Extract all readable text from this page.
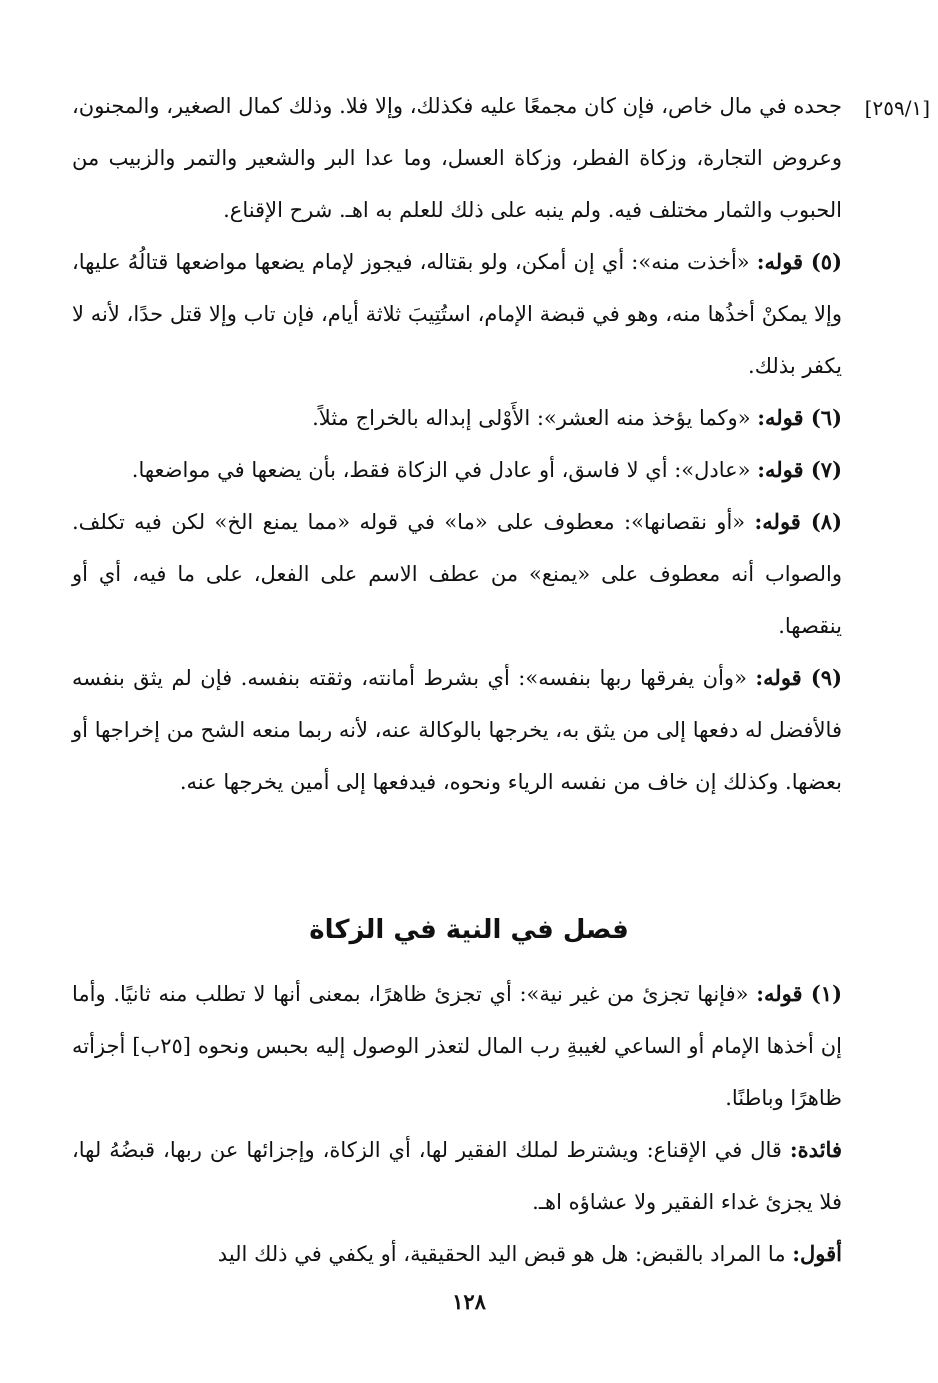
[٢٥٩/١]

جحده في مال خاص، فإن كان مجمعًا عليه فكذلك، وإلا فلا. وذلك كمال الصغير، والمجنون، وعروض التجارة، وزكاة الفطر، وزكاة العسل، وما عدا البر والشعير والتمر والزبيب من الحبوب والثمار مختلف فيه. ولم ينبه على ذلك للعلم به اهـ. شرح الإقناع.

(٥) قوله: «أخذت منه»: أي إن أمكن، ولو بقتاله، فيجوز لإمام يضعها مواضعها قتالُهُ عليها، وإلا يمكنْ أخذُها منه، وهو في قبضة الإمام، استُتِيبَ ثلاثة أيام، فإن تاب وإلا قتل حدًا، لأنه لا يكفر بذلك.

(٦) قوله: «وكما يؤخذ منه العشر»: الأَوْلى إبداله بالخراج مثلاً.

(٧) قوله: «عادل»: أي لا فاسق، أو عادل في الزكاة فقط، بأن يضعها في مواضعها.

(٨) قوله: «أو نقصانها»: معطوف على «ما» في قوله «مما يمنع الخ» لكن فيه تكلف. والصواب أنه معطوف على «يمنع» من عطف الاسم على الفعل، على ما فيه، أي أو ينقصها.

(٩) قوله: «وأن يفرقها ربها بنفسه»: أي بشرط أمانته، وثقته بنفسه. فإن لم يثق بنفسه فالأفضل له دفعها إلى من يثق به، يخرجها بالوكالة عنه، لأنه ربما منعه الشح من إخراجها أو بعضها. وكذلك إن خاف من نفسه الرياء ونحوه، فيدفعها إلى أمين يخرجها عنه.

فصل في النية في الزكاة

(١) قوله: «فإنها تجزئ من غير نية»: أي تجزئ ظاهرًا، بمعنى أنها لا تطلب منه ثانيًا. وأما إن أخذها الإمام أو الساعي لغيبةِ رب المال لتعذر الوصول إليه بحبس ونحوه [٢٥ب] أجزأته ظاهرًا وباطنًا.

فائدة: قال في الإقناع: ويشترط لملك الفقير لها، أي الزكاة، وإجزائها عن ربها، قبضُهُ لها، فلا يجزئ غداء الفقير ولا عشاؤه اهـ.

أقول: ما المراد بالقبض: هل هو قبض اليد الحقيقية، أو يكفي في ذلك اليد

١٢٨
